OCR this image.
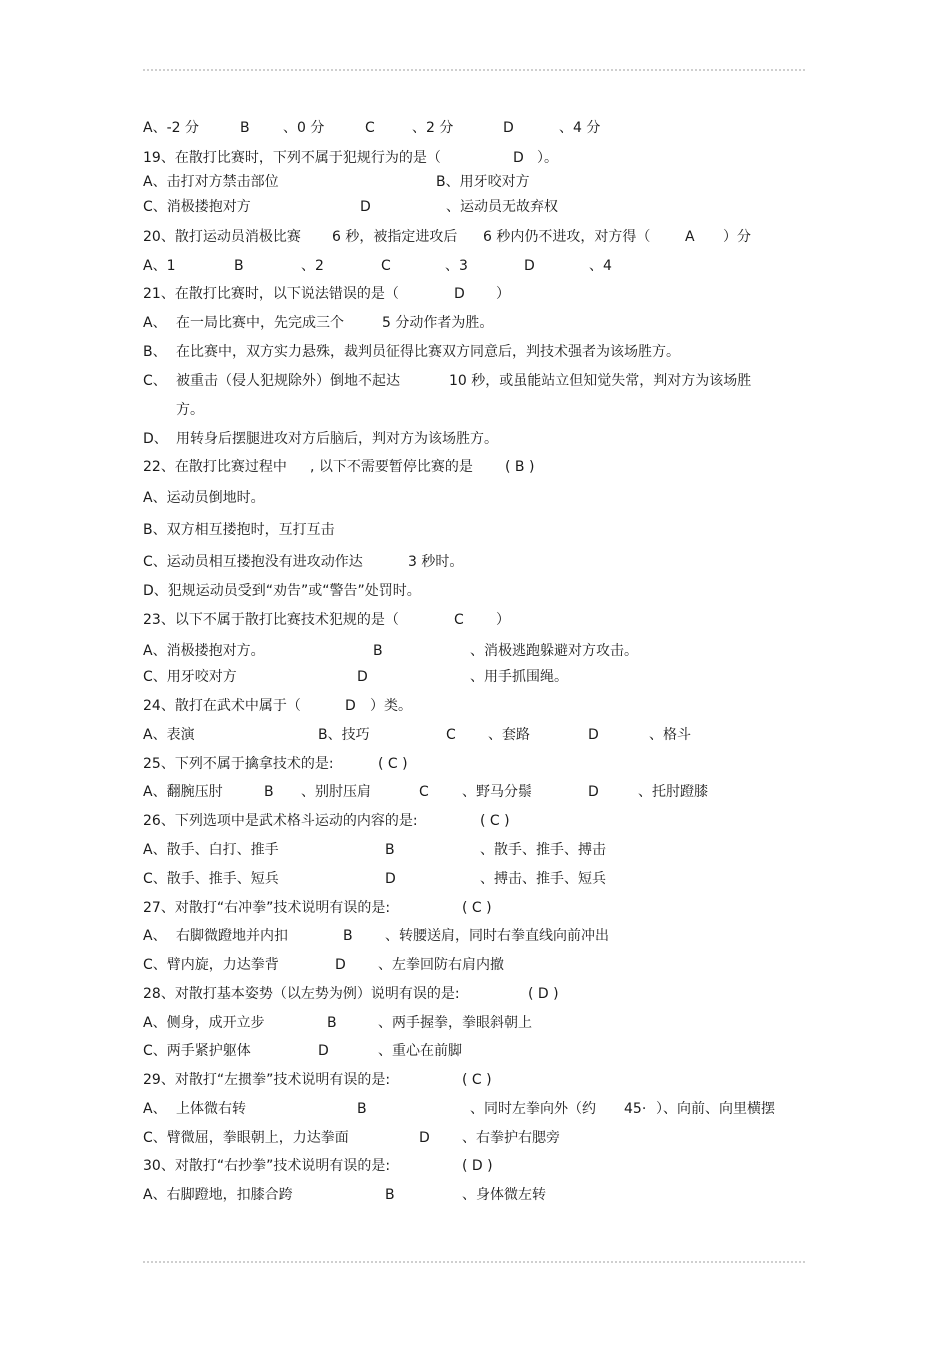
A、-2 分	B 、0 分	C	、2 分	D	、4 分
19、在散打比赛时，下列不属于犯规行为的是（	D ）。
A、击打对方禁击部位	B、用牙咬对方
C、消极搂抱对方	D	、运动员无故弃权
20、散打运动员消极比赛 6 秒，被指定进攻后 6 秒内仍不进攻，对方得（ A ）分
A、1	B	、2	C	、3	D	、4
21、在散打比赛时，以下说法错误的是（	D ）
A、 在一局比赛中，先完成三个	5 分动作者为胜。
B、 在比赛中，双方实力悬殊，裁判员征得比赛双方同意后，判技术强者为该场胜方。
C、 被重击（侵人犯规除外）倒地不起达	10 秒，或虽能站立但知觉失常，判对方为该场胜
方。
D、 用转身后摆腿进攻对方后脑后，判对方为该场胜方。
22、在散打比赛过程中 , 以下不需要暂停比赛的是 ( B )
A、运动员倒地时。
B、双方相互搂抱时，互打互击
C、运动员相互搂抱没有进攻动作达	3 秒时。
D、犯规运动员受到“劝告”或“警告”处罚时。
23、以下不属于散打比赛技术犯规的是（	C ）
A、消极搂抱对方。	B	、消极逃跑躲避对方攻击。
C、用牙咬对方	D	、用手抓围绳。
24、散打在武术中属于（	D ）类。
A、表演	B、技巧	C 、套路	D	、格斗
25、下列不属于擒拿技术的是:	( C )
A、翻腕压肘	B 、别肘压肩	C 、野马分鬃	D	、托肘蹬膝
26、下列选项中是武术格斗运动的内容的是:	( C )
A、散手、白打、推手	B	、散手、推手、搏击
C、散手、推手、短兵	D	、搏击、推手、短兵
27、对散打“右冲拳”技术说明有误的是:	( C )
A、 右脚微蹬地并内扣	B 、转腰送肩，同时右拳直线向前冲出
C、臂内旋，力达拳背	D 、左拳回防右肩内撤
28、对散打基本姿势（以左势为例）说明有误的是:	( D )
A、侧身，成开立步	B	、两手握拳，拳眼斜朝上
C、两手紧护躯体	D	、重心在前脚
29、对散打“左掼拳”技术说明有误的是:	( C )
A、 上体微右转	B	、同时左拳向外（约 45· ）、向前、向里横摆
C、臂微屈，拳眼朝上，力达拳面	D 、右拳护右腮旁
30、对散打“右抄拳”技术说明有误的是:	( D )
A、右脚蹬地，扣膝合跨	B	、身体微左转
